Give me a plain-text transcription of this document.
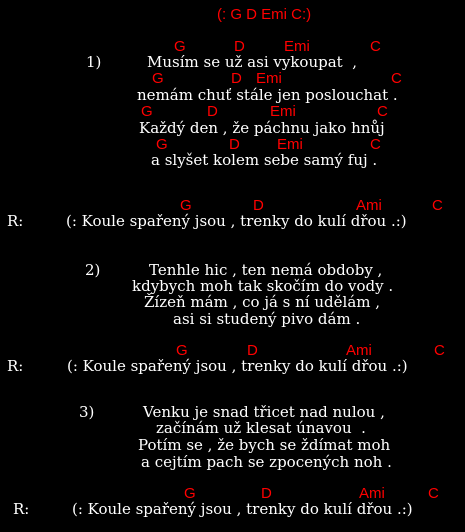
(: G D Emi C:)
G	D	Emi	C
1)	Musím se už asi vykoupat  ,
G	D Emi	C
nemám chuť stále jen poslouchat .
G	D	Emi	C
Každý den , že páchnu jako hnůj
G	D Emi	C
a slyšet kolem sebe samý fuj .
G	D	Ami	C
R:	(: Koule spařený jsou , trenky do kulí dřou .:)
2)	Tenhle hic , ten nemá obdoby ,
kdybych moh tak skočím do vody .
Žízeň mám , co já s ní udělám ,
asi si studený pivo dám .
G	D	Ami	C
R:	(: Koule spařený jsou , trenky do kulí dřou .:)
3)	Venku je snad třicet nad nulou ,
začínám už klesat únavou  .
Potím se , že bych se ždímat moh
a cejtím pach se zpocených noh .
G	D	Ami	C
R:	(: Koule spařený jsou , trenky do kulí dřou .:)
